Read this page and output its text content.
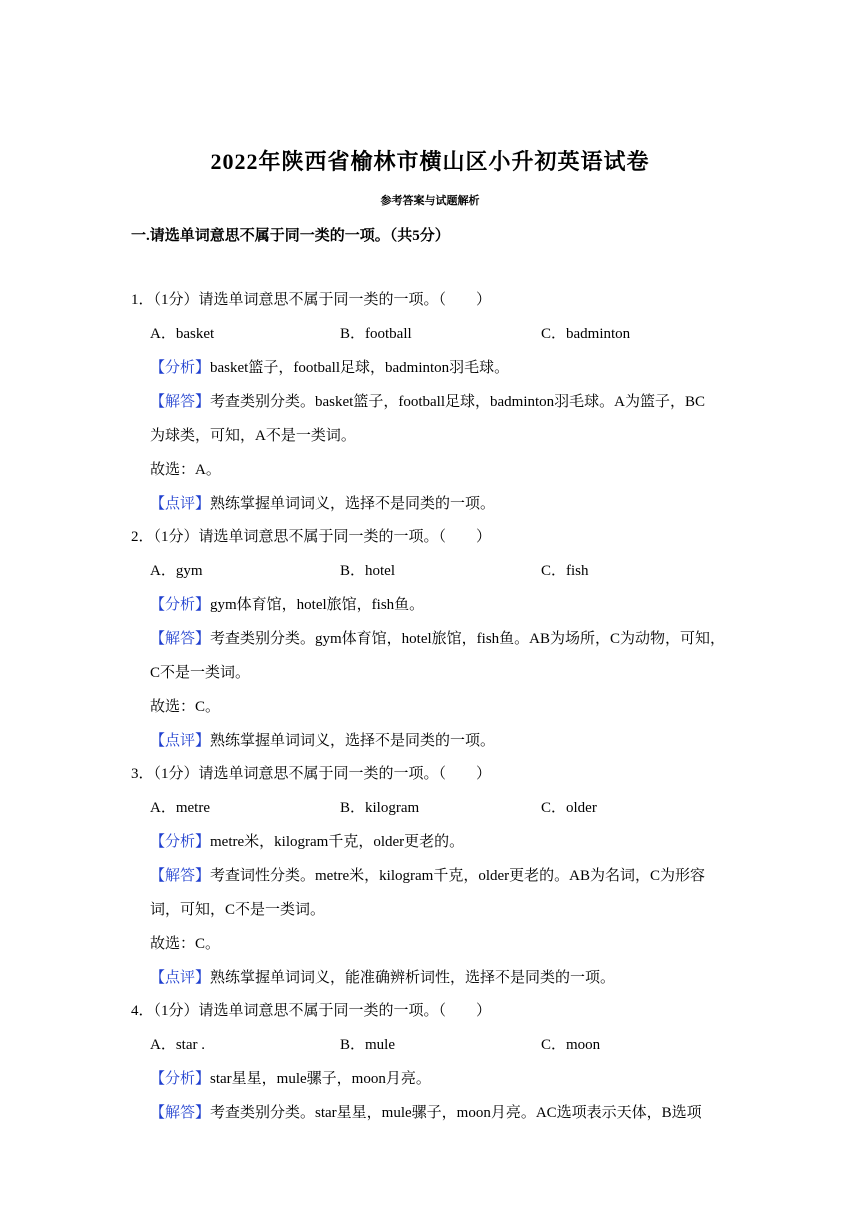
2022年陕西省榆林市横山区小升初英语试卷
参考答案与试题解析
一.请选单词意思不属于同一类的一项。（共5分）
1．（1分）请选单词意思不属于同一类的一项。（　　）
A．basket	B．football	C．badminton
【分析】basket篮子，football足球，badminton羽毛球。
【解答】考查类别分类。basket篮子，football足球，badminton羽毛球。A为篮子，BC
为球类，可知，A不是一类词。
故选：A。
【点评】熟练掌握单词词义，选择不是同类的一项。
2．（1分）请选单词意思不属于同一类的一项。（　　）
A．gym	B．hotel	C．fish
【分析】gym体育馆，hotel旅馆，fish鱼。
【解答】考查类别分类。gym体育馆，hotel旅馆，fish鱼。AB为场所，C为动物，可知，
C不是一类词。
故选：C。
【点评】熟练掌握单词词义，选择不是同类的一项。
3．（1分）请选单词意思不属于同一类的一项。（　　）
A．metre	B．kilogram	C．older
【分析】metre米，kilogram千克，older更老的。
【解答】考查词性分类。metre米，kilogram千克，older更老的。AB为名词，C为形容
词，可知，C不是一类词。
故选：C。
【点评】熟练掌握单词词义，能准确辨析词性，选择不是同类的一项。
4．（1分）请选单词意思不属于同一类的一项。（　　）
A．star .	B．mule	C．moon
【分析】star星星，mule骡子，moon月亮。
【解答】考查类别分类。star星星，mule骡子，moon月亮。AC选项表示天体，B选项
